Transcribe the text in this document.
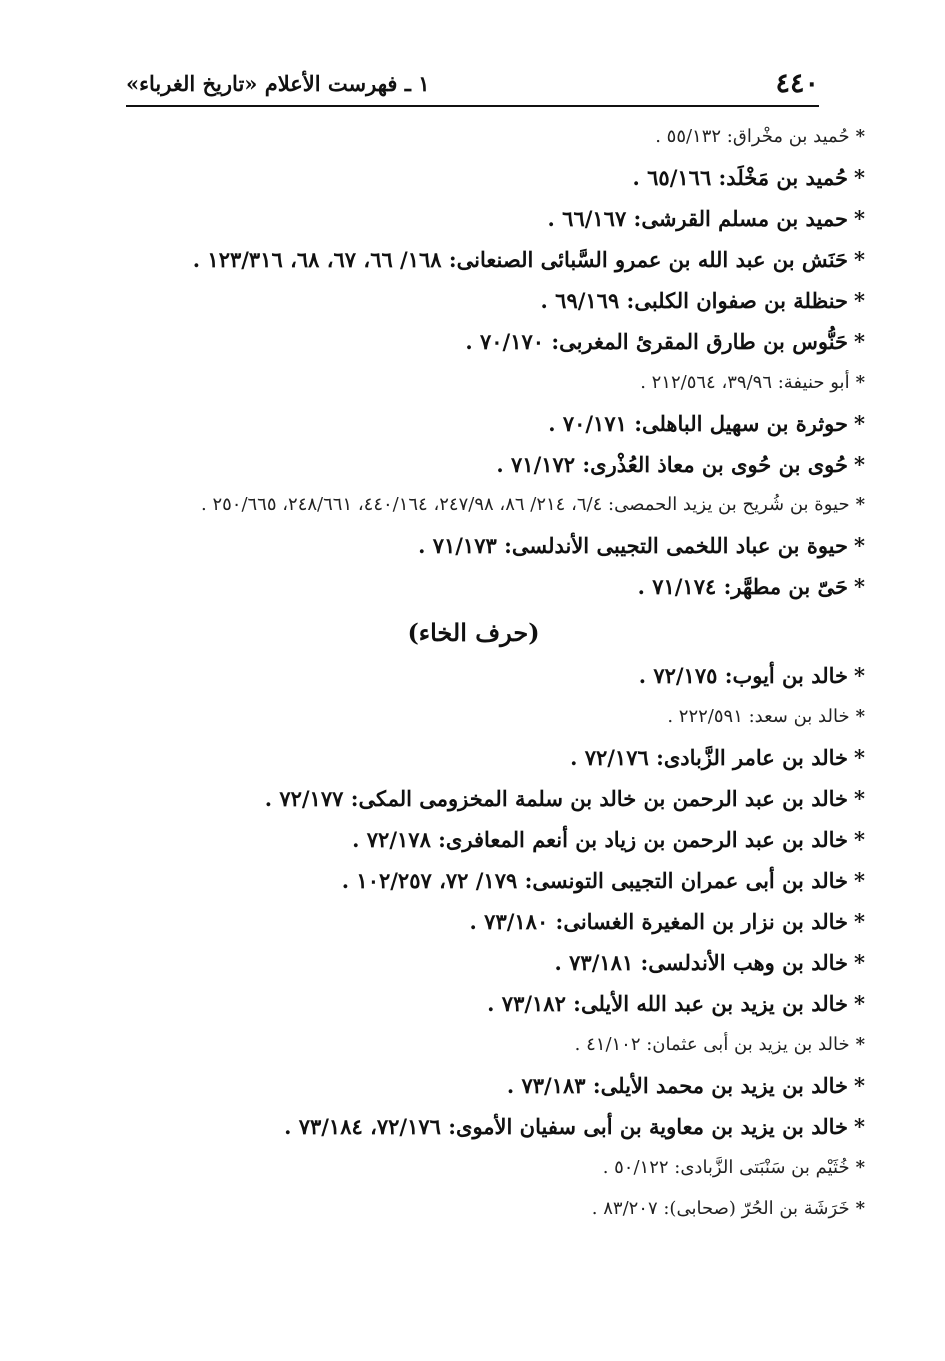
٤٤٠
١ ـ فهرست الأعلام «تاريخ الغرباء»
*حُميد بن مخْراق: ٥٥/١٣٢ .
*حُميد بن مَخْلَد: ٦٥/١٦٦ .
*حميد بن مسلم القرشى: ٦٦/١٦٧ .
*حَنَش بن عبد الله بن عمرو السَّبائى الصنعانى: ١٦٨/ ٦٦، ٦٧، ٦٨، ١٢٣/٣١٦ .
*حنظلة بن صفوان الكلبى: ٦٩/١٦٩ .
*حَنُّوس بن طارق المقرئ المغربى: ٧٠/١٧٠ .
*أبو حنيفة: ٣٩/٩٦، ٢١٢/٥٦٤ .
*حوثرة بن سهيل الباهلى: ٧٠/١٧١ .
*حُوى بن حُوى بن معاذ العُذْرى: ٧١/١٧٢ .
*حيوة بن شُريح بن يزيد الحمصى: ٦/٤، ٢١٤/ ٨٦، ٢٤٧/٩٨، ٤٤٠/١٦٤، ٢٤٨/٦٦١، ٢٥٠/٦٦٥ .
*حيوة بن عباد اللخمى التجيبى الأندلسى: ٧١/١٧٣ .
*حَىّ بن مطهَّر: ٧١/١٧٤ .
(حرف الخاء)
*خالد بن أيوب: ٧٢/١٧٥ .
*خالد بن سعد: ٢٢٢/٥٩١ .
*خالد بن عامر الزَّبادى: ٧٢/١٧٦ .
*خالد بن عبد الرحمن بن خالد بن سلمة المخزومى المكى: ٧٢/١٧٧ .
*خالد بن عبد الرحمن بن زياد بن أنعم المعافرى: ٧٢/١٧٨ .
*خالد بن أبى عمران التجيبى التونسى: ١٧٩/ ٧٢، ١٠٢/٢٥٧ .
*خالد بن نزار بن المغيرة الغسانى: ٧٣/١٨٠ .
*خالد بن وهب الأندلسى: ٧٣/١٨١ .
*خالد بن يزيد بن عبد الله الأيلى: ٧٣/١٨٢ .
*خالد بن يزيد بن أبى عثمان: ٤١/١٠٢ .
*خالد بن يزيد بن محمد الأيلى: ٧٣/١٨٣ .
*خالد بن يزيد بن معاوية بن أبى سفيان الأموى: ٧٢/١٧٦، ٧٣/١٨٤ .
*خُثَيْم بن سَنْبَتى الزَّبادى: ٥٠/١٢٢ .
*خَرَشَة بن الحُرّ (صحابى): ٨٣/٢٠٧ .
